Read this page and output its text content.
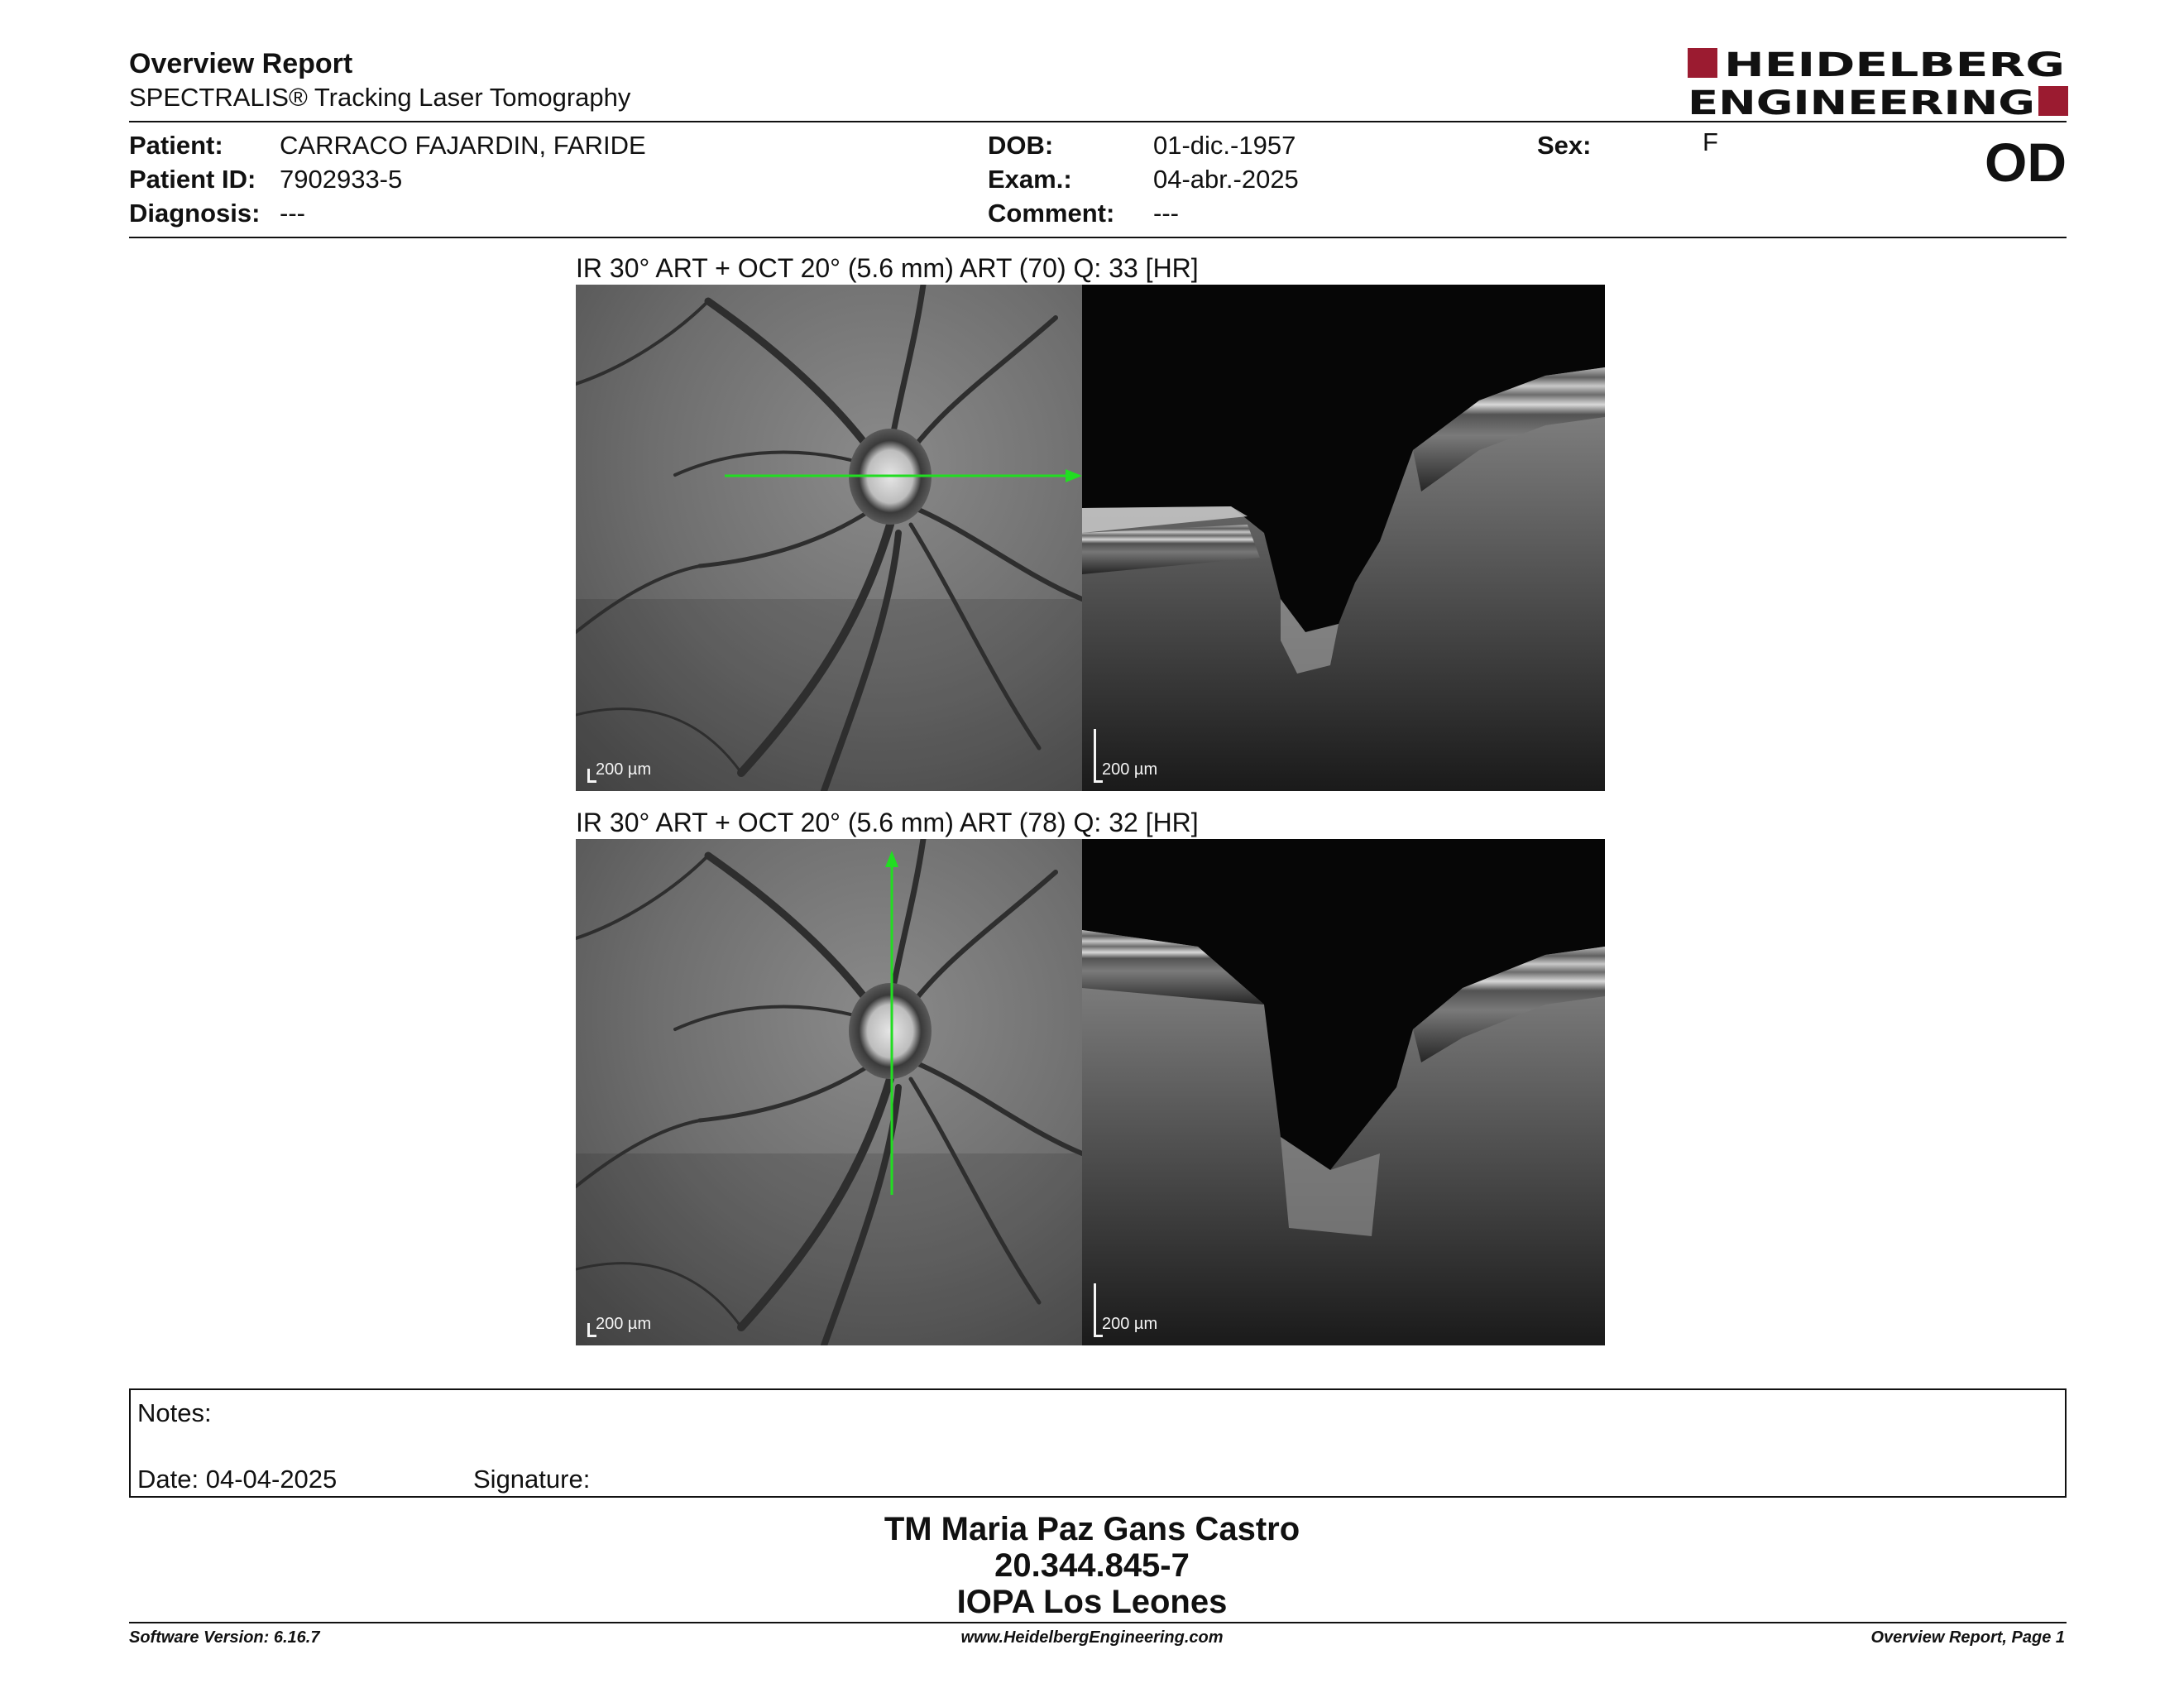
Overview Report
SPECTRALIS® Tracking Laser Tomography
HEIDELBERG
ENGINEERING
Patient: CARRACO FAJARDIN, FARIDE
Patient ID: 7902933-5
Diagnosis: ---
DOB:	01-dic.-1957
Exam.:	04-abr.-2025
Comment: ---
Sex:	F	OD
IR 30° ART + OCT 20° (5.6 mm) ART (70) Q: 33 [HR]
200 µm	200 µm
IR 30° ART + OCT 20° (5.6 mm) ART (78) Q: 32 [HR]
200 µm	200 µm
Notes:
Date: 04-04-2025	Signature:
TM Maria Paz Gans Castro
20.344.845-7
IOPA Los Leones
Software Version: 6.16.7	www.HeidelbergEngineering.com	Overview Report, Page 1
